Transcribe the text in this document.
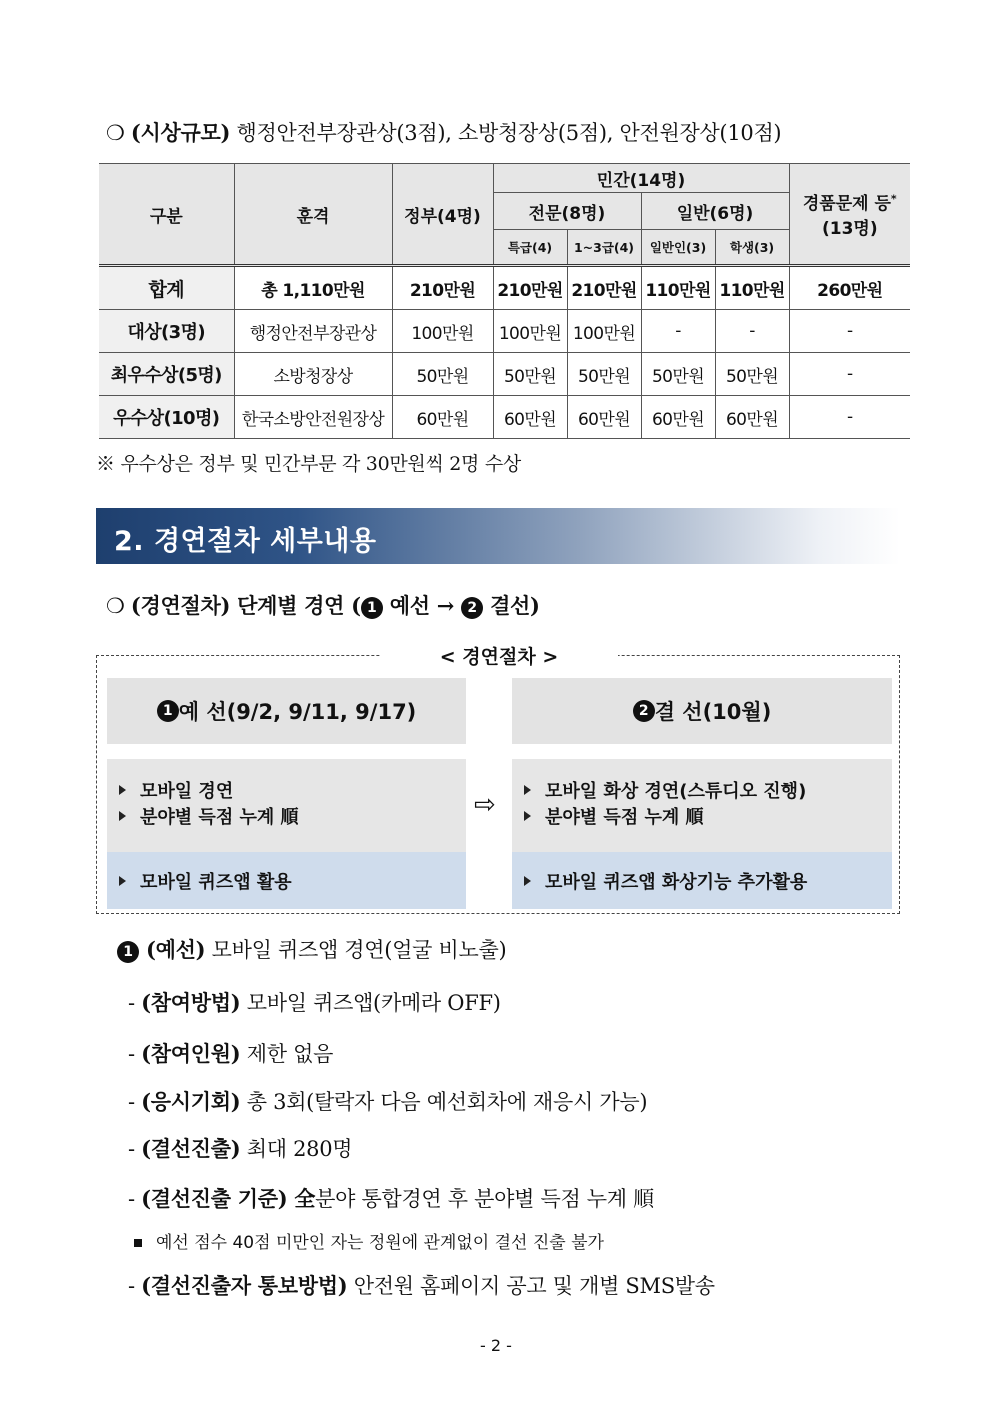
❍ (시상규모) 행정안전부장관상(3점), 소방청장상(5점), 안전원장상(10점)
구분	훈격	정부(4명)	민간(14명)				경품문제 등*
(13명)
			전문(8명)		일반(6명)		
			특급(4)	1~3급(4)	일반인(3)	학생(3)	
합계	총 1,110만원	210만원	210만원	210만원	110만원	110만원	260만원
대상(3명)	행정안전부장관상	100만원	100만원	100만원	-	-	-
최우수상(5명)	소방청장상	50만원	50만원	50만원	50만원	50만원	-
우수상(10명)	한국소방안전원장상	60만원	60만원	60만원	60만원	60만원	-
※ 우수상은 정부 및 민간부문 각 30만원씩 2명 수상
2. 경연절차 세부내용
❍ (경연절차) 단계별 경연 ( 1 예선 → 2 결선)
< 경연절차 >
1 예 선(9/2, 9/11, 9/17)	2 결 선(10월)
모바일 경연
분야별 득점 누계 順
모바일 퀴즈앱 활용
⇨	모바일 화상 경연(스튜디오 진행)
분야별 득점 누계 順
모바일 퀴즈앱 화상기능 추가활용
1 (예선) 모바일 퀴즈앱 경연(얼굴 비노출)
- (참여방법) 모바일 퀴즈앱(카메라 OFF)
- (참여인원) 제한 없음
- (응시기회) 총 3회(탈락자 다음 예선회차에 재응시 가능)
- (결선진출) 최대 280명
- (결선진출 기준) 全분야 통합경연 후 분야별 득점 누계 順
예선 점수 40점 미만인 자는 정원에 관계없이 결선 진출 불가
- (결선진출자 통보방법) 안전원 홈페이지 공고 및 개별 SMS발송
- 2 -
